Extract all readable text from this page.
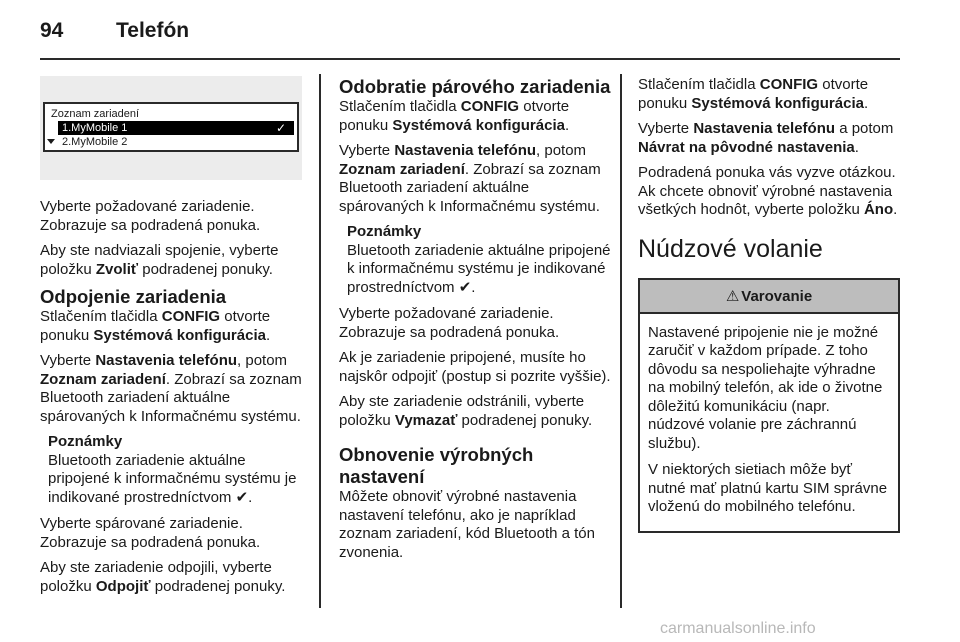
94	Telefón
Zoznam zariadení
1.MyMobile 1	✓
2.MyMobile 2

Vyberte požadované zariadenie. Zobrazuje sa podradená ponuka.

Aby ste nadviazali spojenie, vyberte položku Zvoliť podradenej ponuky.

Odpojenie zariadenia

Stlačením tlačidla CONFIG otvorte ponuku Systémová konfigurácia.

Vyberte Nastavenia telefónu, potom Zoznam zariadení. Zobrazí sa zoznam Bluetooth zariadení aktuálne spárovaných k Informačnému systému.

Poznámky
Bluetooth zariadenie aktuálne pripojené k informačnému systému je indikované prostredníctvom ✔.

Vyberte spárované zariadenie. Zobrazuje sa podradená ponuka.

Aby ste zariadenie odpojili, vyberte položku Odpojiť podradenej ponuky.

Odobratie párového zariadenia

Stlačením tlačidla CONFIG otvorte ponuku Systémová konfigurácia.

Vyberte Nastavenia telefónu, potom Zoznam zariadení. Zobrazí sa zoznam Bluetooth zariadení aktuálne spárovaných k Informačnému systému.

Poznámky
Bluetooth zariadenie aktuálne pripojené k informačnému systému je indikované prostredníctvom ✔.

Vyberte požadované zariadenie. Zobrazuje sa podradená ponuka.

Ak je zariadenie pripojené, musíte ho najskôr odpojiť (postup si pozrite vyššie).

Aby ste zariadenie odstránili, vyberte položku Vymazať podradenej ponuky.

Obnovenie výrobných nastavení

Môžete obnoviť výrobné nastavenia nastavení telefónu, ako je napríklad zoznam zariadení, kód Bluetooth a tón zvonenia.

Stlačením tlačidla CONFIG otvorte ponuku Systémová konfigurácia.

Vyberte Nastavenia telefónu a potom Návrat na pôvodné nastavenia.

Podradená ponuka vás vyzve otázkou. Ak chcete obnoviť výrobné nastavenia všetkých hodnôt, vyberte položku Áno.

Núdzové volanie
⚠ Varovanie

Nastavené pripojenie nie je možné zaručiť v každom prípade. Z toho dôvodu sa nespoliehajte výhradne na mobilný telefón, ak ide o životne dôležitú komunikáciu (napr. núdzové volanie pre záchrannú službu).

V niektorých sietiach môže byť nutné mať platnú kartu SIM správne vloženú do mobilného telefónu.

carmanualsonline.info
